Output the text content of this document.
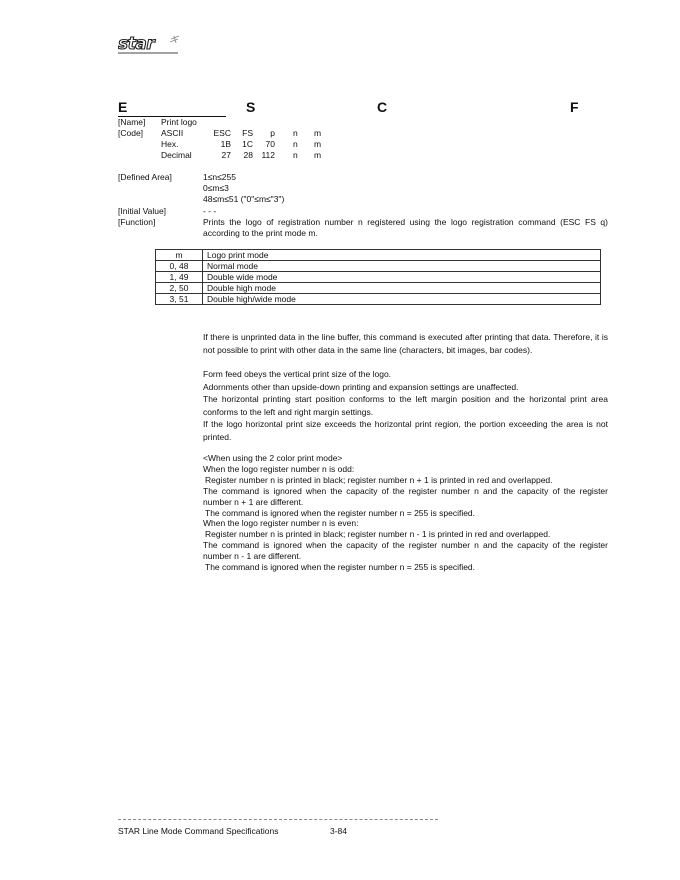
star
E	S	C	F
[Name] Print logo
[Code] ASCII	ESC	FS	p n m
Hex.	1B	1C	70 n m
Decimal	27	28 112 n m
[Defined Area]	1≤n≤255
0≤m≤3
48≤m≤51 ("0"≤m≤"3")
[Initial Value]	- - -
[Function]	Prints the logo of registration number n registered using the logo registration command (ESC FS q) according to the print mode m.
m	Logo print mode
0, 48	Normal mode
1, 49	Double wide mode
2, 50	Double high mode
3, 51	Double high/wide mode
If there is unprinted data in the line buffer, this command is executed after printing that data. Therefore, it is not possible to print with other data in the same line (characters, bit images, bar codes).
Form feed obeys the vertical print size of the logo.
Adornments other than upside-down printing and expansion settings are unaffected.
The horizontal printing start position conforms to the left margin position and the horizontal print area conforms to the left and right margin settings.
If the logo horizontal print size exceeds the horizontal print region, the portion exceeding the area is not printed.
<When using the 2 color print mode>
When the logo register number n is odd:
Register number n is printed in black; register number n + 1 is printed in red and overlapped.
The command is ignored when the capacity of the register number n and the capacity of the register number n + 1 are different.
The command is ignored when the register number n = 255 is specified.
When the logo register number n is even:
Register number n is printed in black; register number n - 1 is printed in red and overlapped.
The command is ignored when the capacity of the register number n and the capacity of the register number n - 1 are different.
The command is ignored when the register number n = 255 is specified.
STAR Line Mode Command Specifications	3-84
